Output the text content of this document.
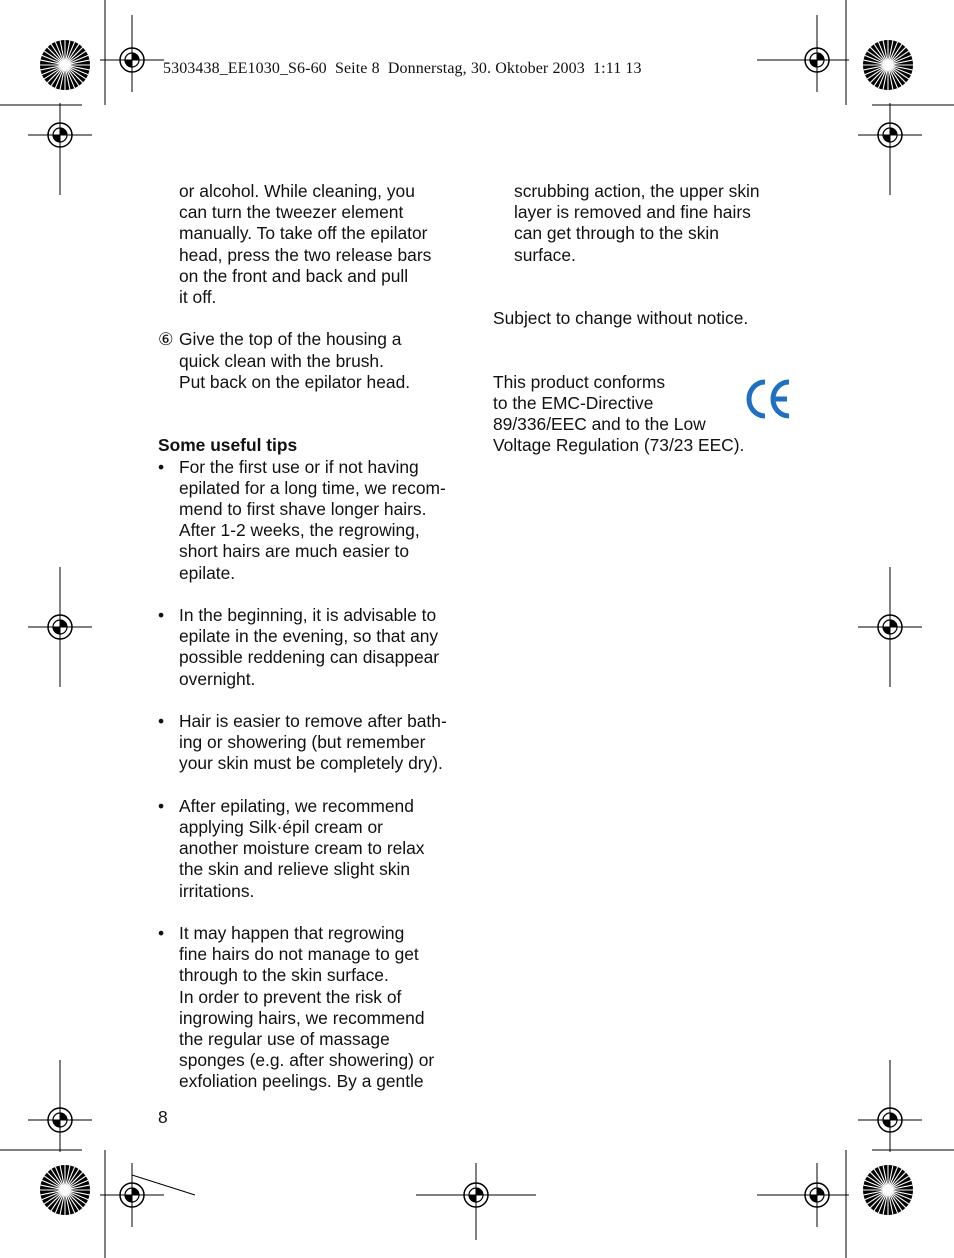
5303438_EE1030_S6-60  Seite 8  Donnerstag, 30. Oktober 2003  1:11 13
or alcohol. While cleaning, you
can turn the tweezer element
manually. To take off the epilator
head, press the two release bars
on the front and back and pull
it off.
⑥ Give the top of the housing a
quick clean with the brush.
Put back on the epilator head.
Some useful tips
• For the first use or if not having
epilated for a long time, we recom-
mend to first shave longer hairs.
After 1-2 weeks, the regrowing,
short hairs are much easier to
epilate.
• In the beginning, it is advisable to
epilate in the evening, so that any
possible reddening can disappear
overnight.
• Hair is easier to remove after bath-
ing or showering (but remember
your skin must be completely dry).
• After epilating, we recommend
applying Silk·épil cream or
another moisture cream to relax
the skin and relieve slight skin
irritations.
• It may happen that regrowing
fine hairs do not manage to get
through to the skin surface.
In order to prevent the risk of
ingrowing hairs, we recommend
the regular use of massage
sponges (e.g. after showering) or
exfoliation peelings. By a gentle
scrubbing action, the upper skin
layer is removed and fine hairs
can get through to the skin
surface.
Subject to change without notice.
This product conforms
to the EMC-Directive
89/336/EEC and to the Low
Voltage Regulation (73/23 EEC).
8
